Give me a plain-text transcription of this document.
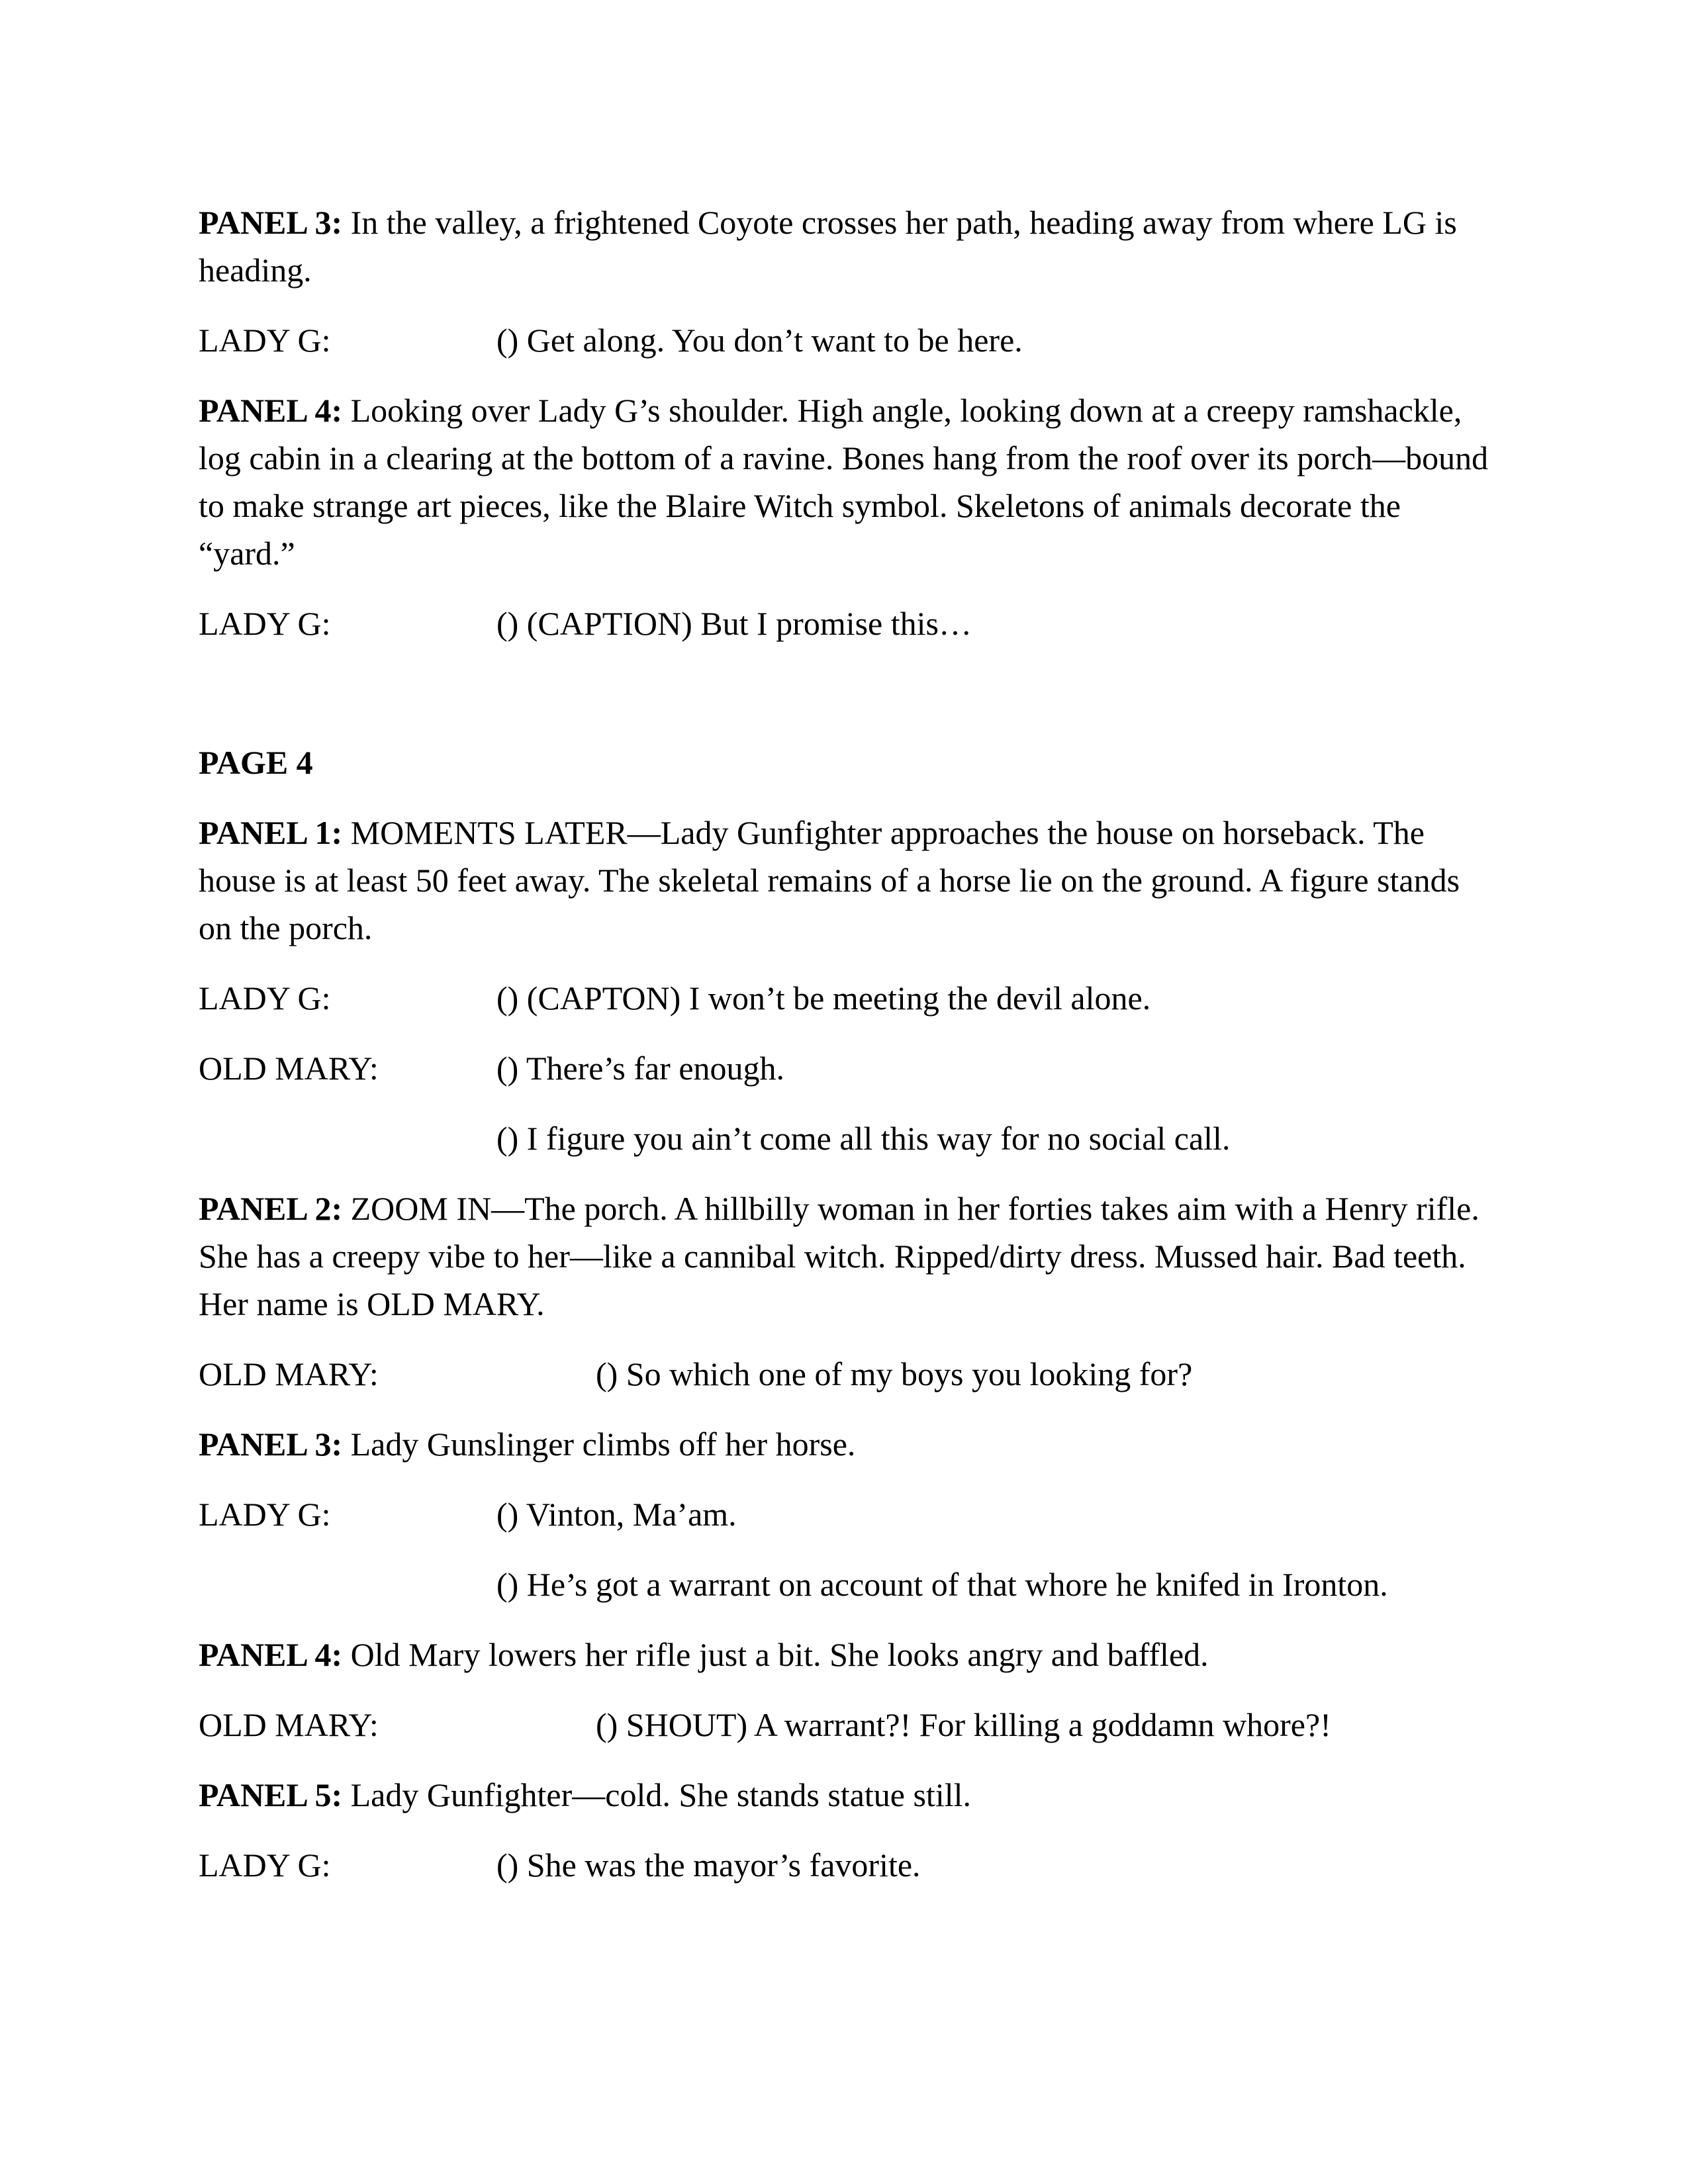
PANEL 3: In the valley, a frightened Coyote crosses her path, heading away from where LG is heading.

LADY G:	() Get along. You don’t want to be here.

PANEL 4: Looking over Lady G’s shoulder. High angle, looking down at a creepy ramshackle, log cabin in a clearing at the bottom of a ravine. Bones hang from the roof over its porch—bound to make strange art pieces, like the Blaire Witch symbol. Skeletons of animals decorate the “yard.”

LADY G:	() (CAPTION) But I promise this…

PAGE 4

PANEL 1: MOMENTS LATER—Lady Gunfighter approaches the house on horseback. The house is at least 50 feet away. The skeletal remains of a horse lie on the ground. A figure stands on the porch.

LADY G:	() (CAPTON) I won’t be meeting the devil alone.
OLD MARY:	() There’s far enough.

() I figure you ain’t come all this way for no social call.

PANEL 2: ZOOM IN—The porch. A hillbilly woman in her forties takes aim with a Henry rifle. She has a creepy vibe to her—like a cannibal witch. Ripped/dirty dress. Mussed hair. Bad teeth. Her name is OLD MARY.

OLD MARY:	() So which one of my boys you looking for?

PANEL 3: Lady Gunslinger climbs off her horse.

LADY G:	() Vinton, Ma’am.

() He’s got a warrant on account of that whore he knifed in Ironton.

PANEL 4: Old Mary lowers her rifle just a bit. She looks angry and baffled.

OLD MARY:	() SHOUT) A warrant?! For killing a goddamn whore?!

PANEL 5: Lady Gunfighter—cold. She stands statue still.

LADY G:	() She was the mayor’s favorite.
